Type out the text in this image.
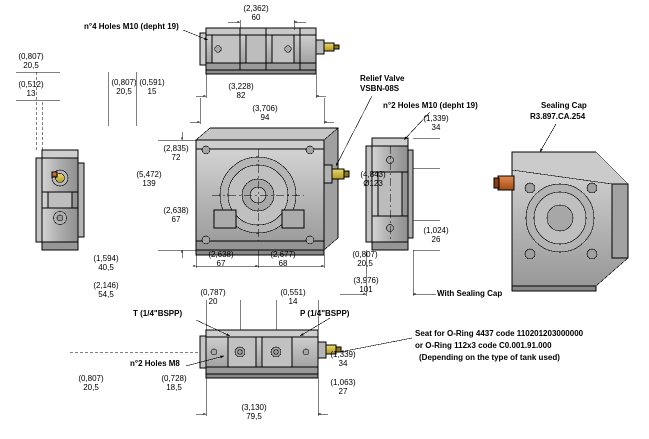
n°4 Holes M10 (depht 19)
Relief Valve
VSBN-08S
n°2 Holes M10 (depht 19)	Sealing Cap
R3.897.CA.254
With Sealing Cap
T (1/4"BSPP)	P (1/4"BSPP)
n°2 Holes M8
Seat for O-Ring 4437 code 110201203000000
or O-Ring 112x3 code C0.001.91.000
(Depending on the type of tank used)
(2,362)
60
(0,807)
20,5
(0,512)
13
(0,807)
20,5
(0,591)
15
(3,228)
82
(3,706)
94	(1,339)
34
(2,835)
72
(5,472)
139
(4,843)
Ø123
(2,638)
67
(1,024)
26
(2,638)
67
(2,677)
68
(0,807)
20,5
(1,594)
40,5
(2,146)
54,5
(3,976)
101
(0,787)
20
(0,551)
14
(1,339)
34
(0,807)
20,5
(0,728)
18,5
(1,063)
27
(3,130)
79,5
